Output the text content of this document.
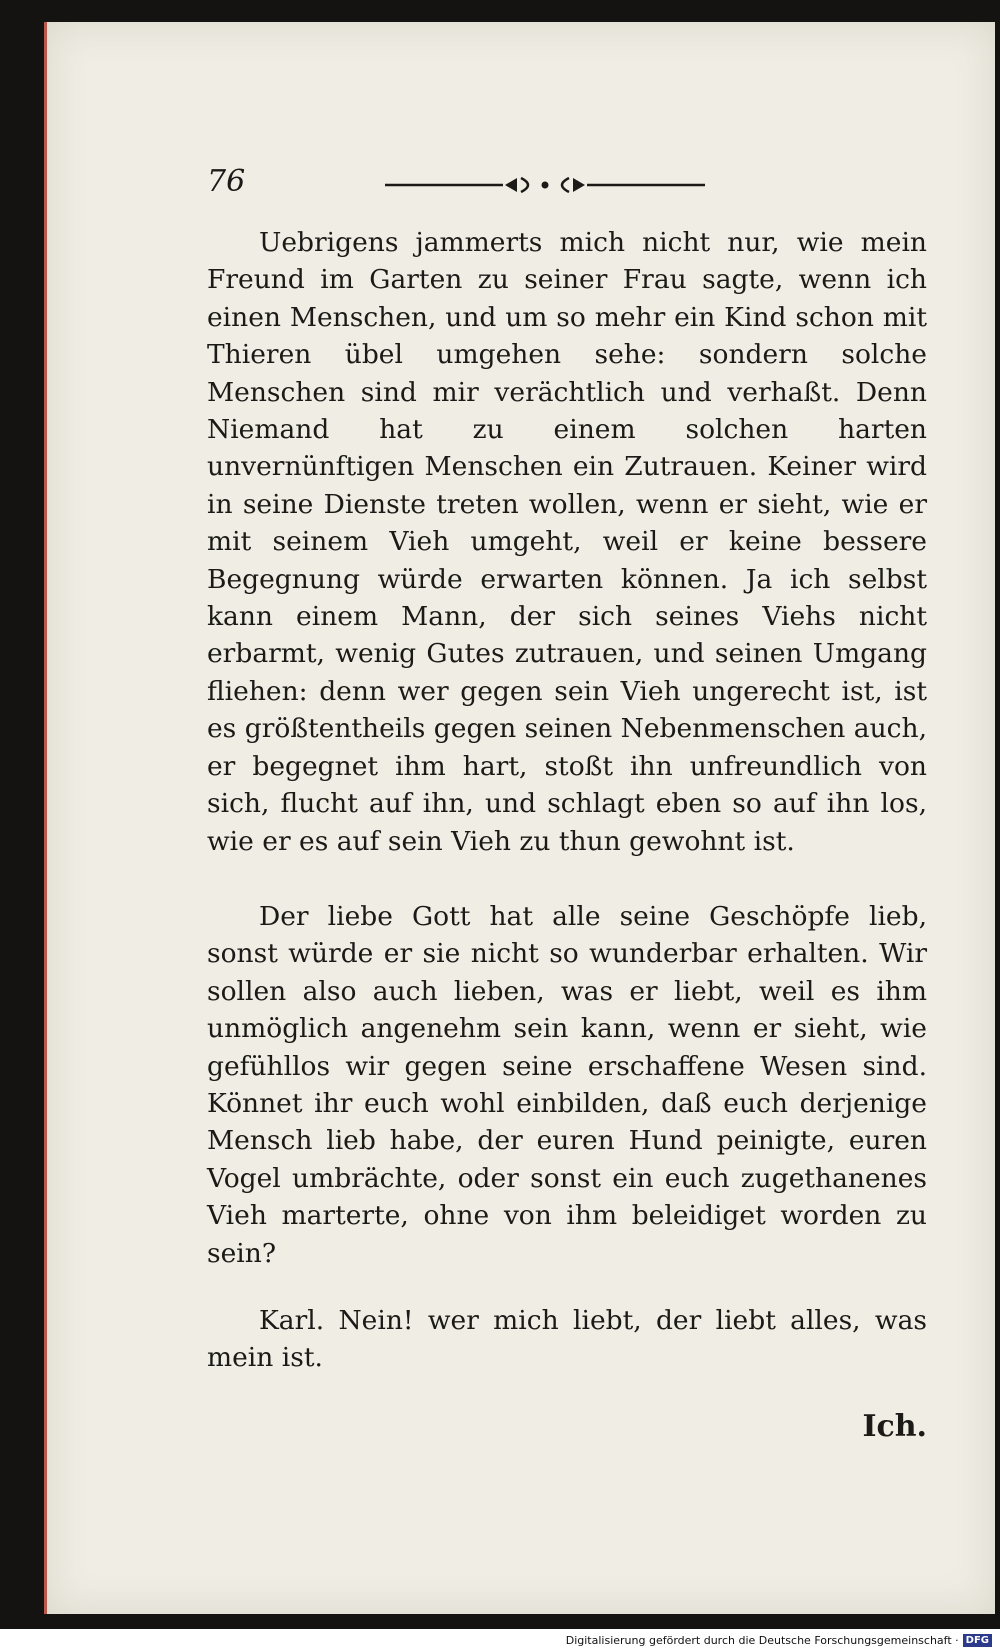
76

Uebrigens jammerts mich nicht nur, wie mein Freund im Garten zu seiner Frau sagte, wenn ich einen Menschen, und um so mehr ein Kind schon mit Thieren übel umgehen sehe: sondern solche Menschen sind mir verächtlich und verhaßt. Denn Niemand hat zu einem solchen harten unvernünftigen Menschen ein Zutrauen. Keiner wird in seine Dienste treten wollen, wenn er sieht, wie er mit seinem Vieh umgeht, weil er keine bessere Begegnung würde erwarten können. Ja ich selbst kann einem Mann, der sich seines Viehs nicht erbarmt, wenig Gutes zutrauen, und seinen Umgang fliehen: denn wer gegen sein Vieh ungerecht ist, ist es größtentheils gegen seinen Nebenmenschen auch, er begegnet ihm hart, stoßt ihn unfreundlich von sich, flucht auf ihn, und schlagt eben so auf ihn los, wie er es auf sein Vieh zu thun gewohnt ist.

Der liebe Gott hat alle seine Geschöpfe lieb, sonst würde er sie nicht so wunderbar erhalten. Wir sollen also auch lieben, was er liebt, weil es ihm unmöglich angenehm sein kann, wenn er sieht, wie gefühllos wir gegen seine erschaffene Wesen sind. Könnet ihr euch wohl einbilden, daß euch derjenige Mensch lieb habe, der euren Hund peinigte, euren Vogel umbrächte, oder sonst ein euch zugethanenes Vieh marterte, ohne von ihm beleidiget worden zu sein?

Karl. Nein! wer mich liebt, der liebt alles, was mein ist.

Ich.
Digitalisierung gefördert durch die Deutsche Forschungsgemeinschaft · DFG
